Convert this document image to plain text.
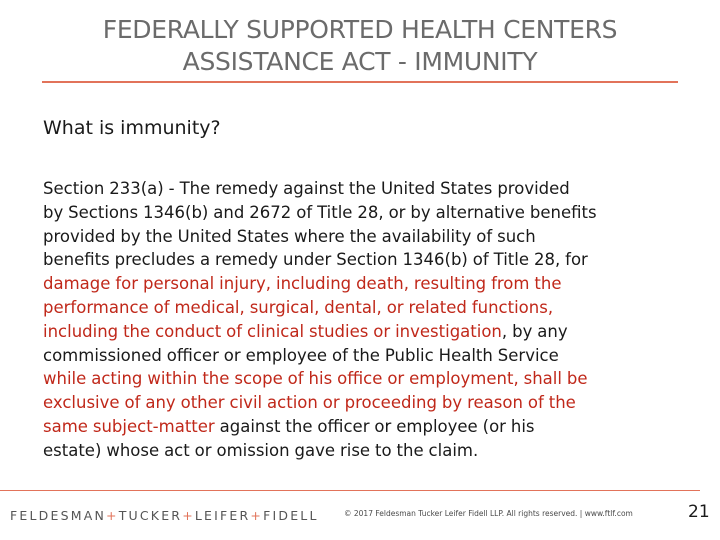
FEDERALLY SUPPORTED HEALTH CENTERS
ASSISTANCE ACT - IMMUNITY
What is immunity?
Section 233(a) - The remedy against the United States provided
by Sections 1346(b) and 2672 of Title 28, or by alternative benefits
provided by the United States where the availability of such
benefits precludes a remedy under Section 1346(b) of Title 28, for
damage for personal injury, including death, resulting from the
performance of medical, surgical, dental, or related functions,
including the conduct of clinical studies or investigation, by any
commissioned officer or employee of the Public Health Service
while acting within the scope of his office or employment, shall be
exclusive of any other civil action or proceeding by reason of the
same subject-matter against the officer or employee (or his
estate) whose act or omission gave rise to the claim.
FELDESMAN+TUCKER+LEIFER+FIDELL	© 2017 Feldesman Tucker Leifer Fidell LLP. All rights reserved. | www.ftlf.com	21
